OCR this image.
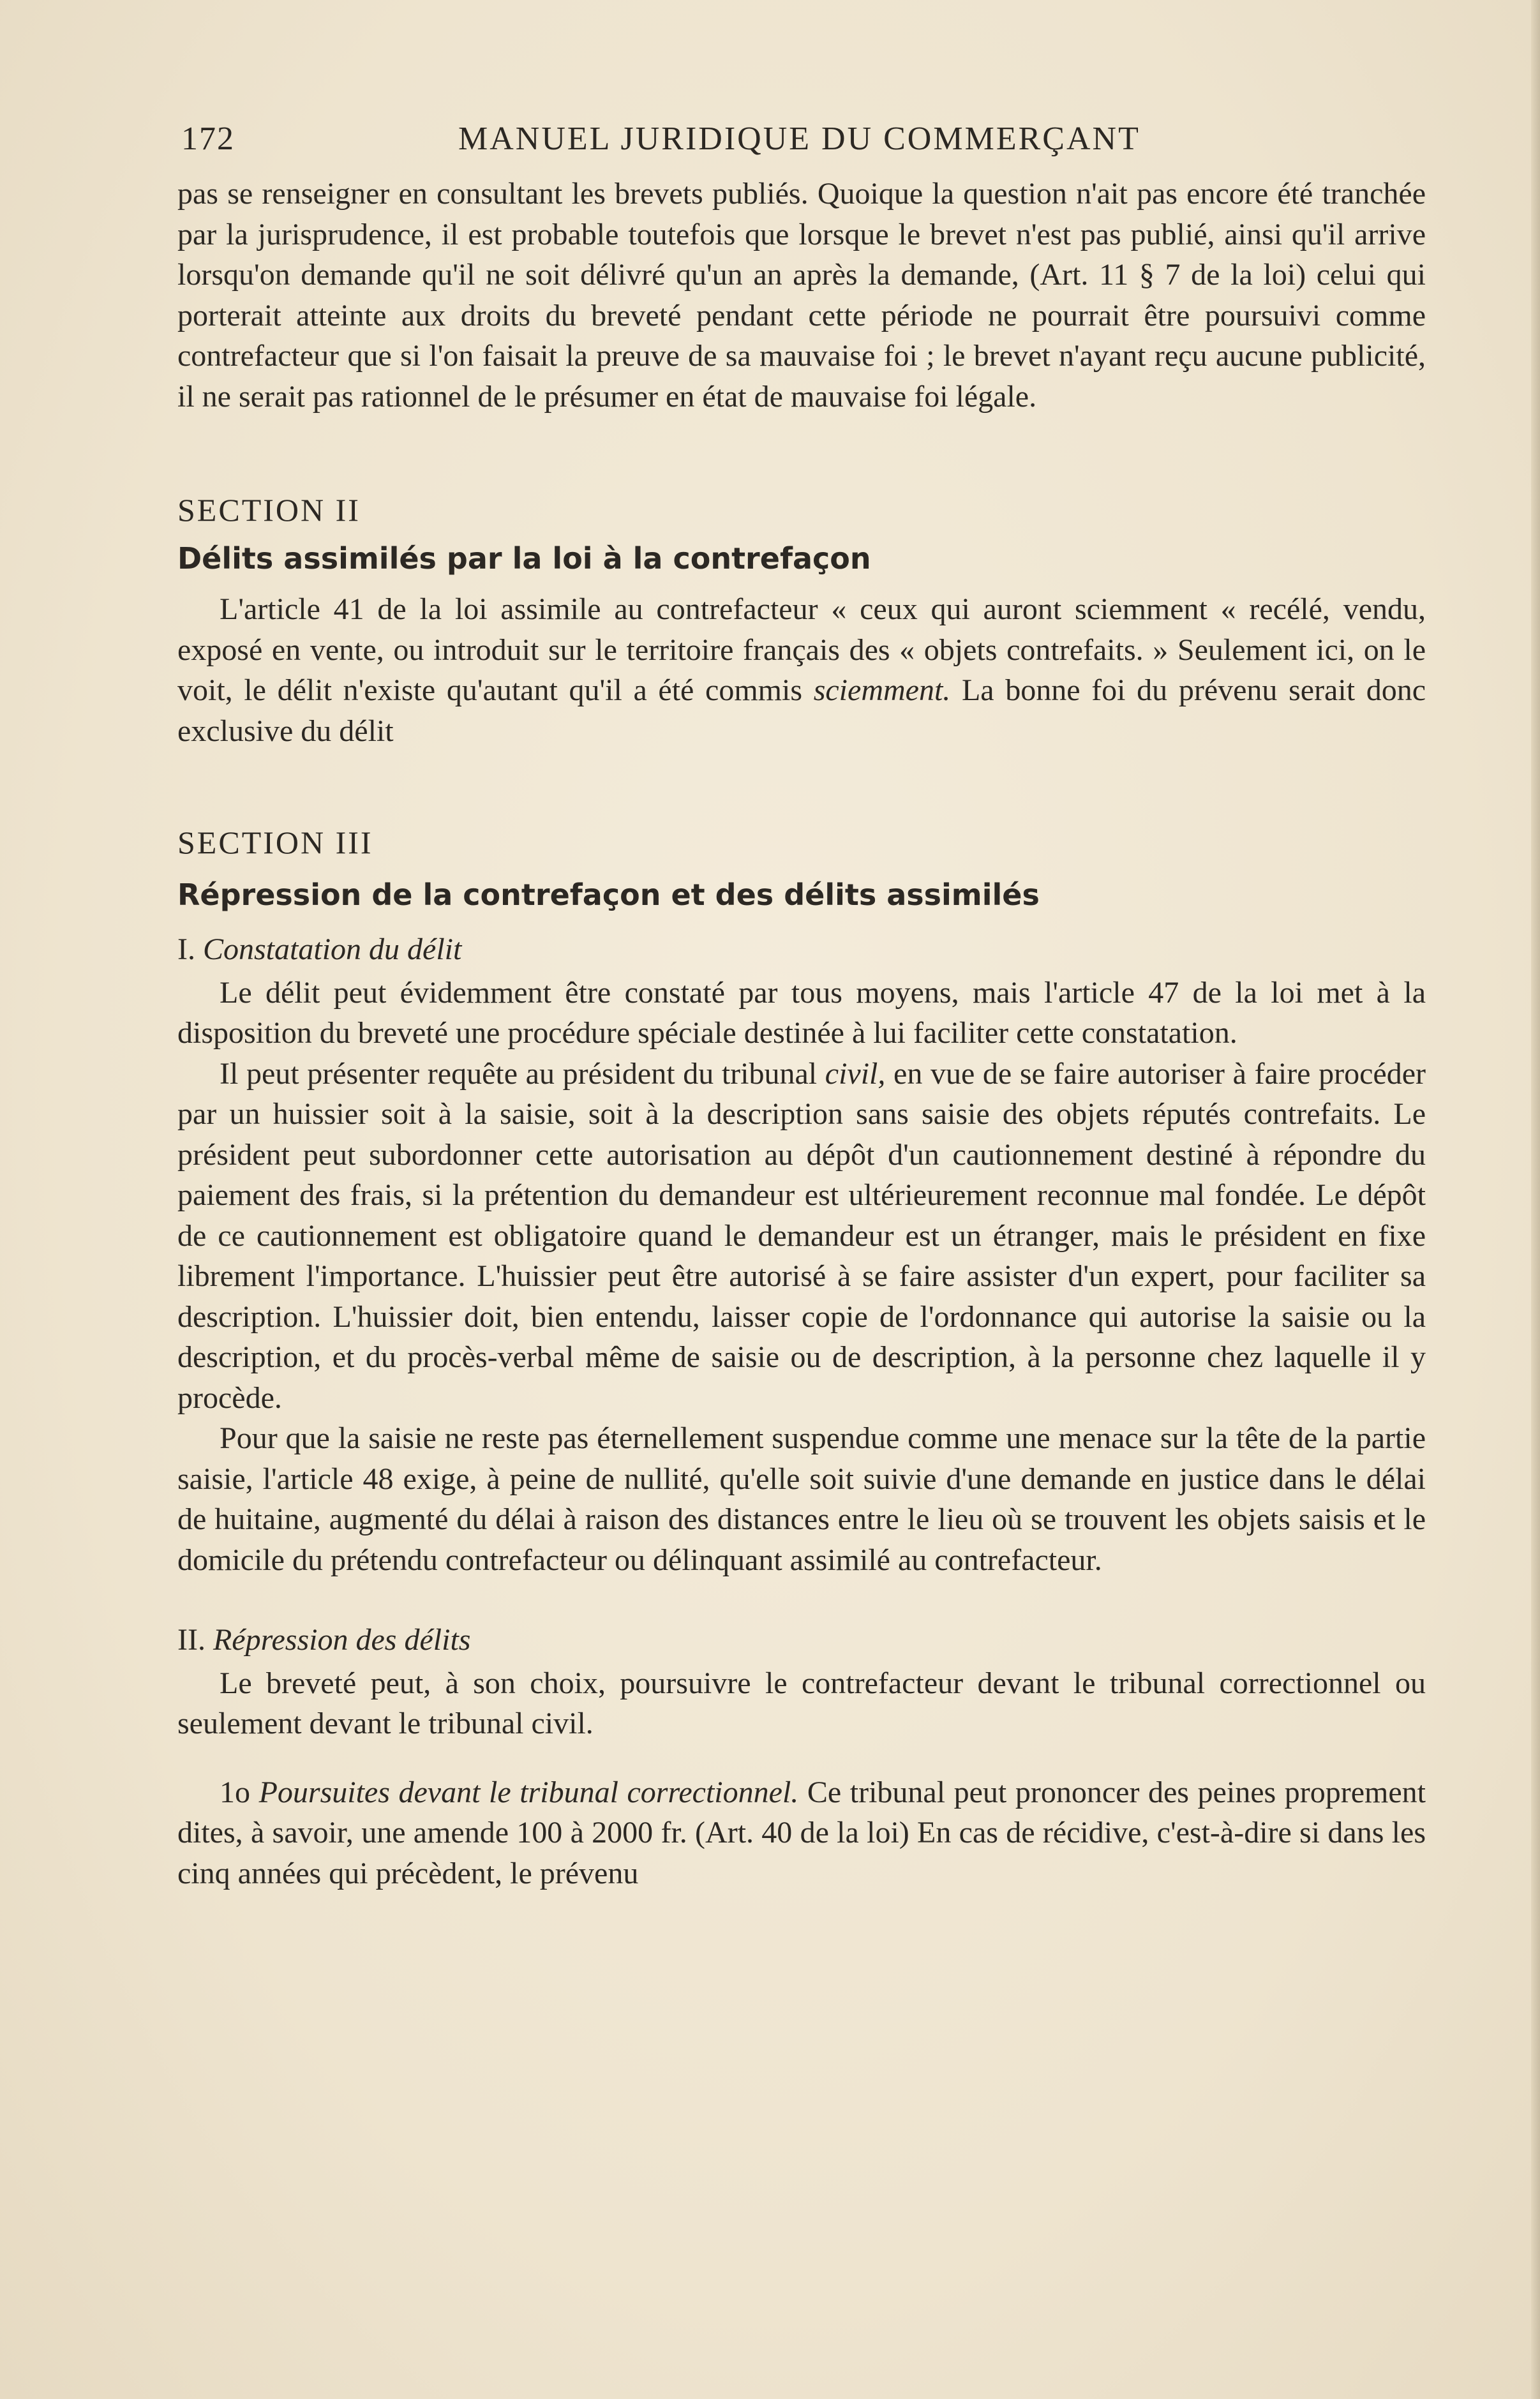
172	MANUEL JURIDIQUE DU COMMERÇANT

pas se renseigner en consultant les brevets publiés. Quoique la question n'ait pas encore été tranchée par la jurisprudence, il est probable toutefois que lorsque le brevet n'est pas publié, ainsi qu'il arrive lorsqu'on demande qu'il ne soit délivré qu'un an après la demande, (Art. 11 § 7 de la loi) celui qui porterait atteinte aux droits du breveté pendant cette période ne pourrait être poursuivi comme contrefacteur que si l'on faisait la preuve de sa mauvaise foi ; le brevet n'ayant reçu aucune publicité, il ne serait pas rationnel de le présumer en état de mauvaise foi légale.

SECTION II

Délits assimilés par la loi à la contrefaçon

L'article 41 de la loi assimile au contrefacteur « ceux qui auront sciemment « recélé, vendu, exposé en vente, ou introduit sur le territoire français des « objets contrefaits. » Seulement ici, on le voit, le délit n'existe qu'autant qu'il a été commis sciemment. La bonne foi du prévenu serait donc exclusive du délit

SECTION III

Répression de la contrefaçon et des délits assimilés

I. Constatation du délit

Le délit peut évidemment être constaté par tous moyens, mais l'article 47 de la loi met à la disposition du breveté une procédure spéciale destinée à lui faciliter cette constatation.

Il peut présenter requête au président du tribunal civil, en vue de se faire autoriser à faire procéder par un huissier soit à la saisie, soit à la description sans saisie des objets réputés contrefaits. Le président peut subordonner cette autorisation au dépôt d'un cautionnement destiné à répondre du paiement des frais, si la prétention du demandeur est ultérieurement reconnue mal fondée. Le dépôt de ce cautionnement est obligatoire quand le demandeur est un étranger, mais le président en fixe librement l'importance. L'huissier peut être autorisé à se faire assister d'un expert, pour faciliter sa description. L'huissier doit, bien entendu, laisser copie de l'ordonnance qui autorise la saisie ou la description, et du procès-verbal même de saisie ou de description, à la personne chez laquelle il y procède.

Pour que la saisie ne reste pas éternellement suspendue comme une menace sur la tête de la partie saisie, l'article 48 exige, à peine de nullité, qu'elle soit suivie d'une demande en justice dans le délai de huitaine, augmenté du délai à raison des distances entre le lieu où se trouvent les objets saisis et le domicile du prétendu contrefacteur ou délinquant assimilé au contrefacteur.

II. Répression des délits

Le breveté peut, à son choix, poursuivre le contrefacteur devant le tribunal correctionnel ou seulement devant le tribunal civil.

1o Poursuites devant le tribunal correctionnel. Ce tribunal peut prononcer des peines proprement dites, à savoir, une amende 100 à 2000 fr. (Art. 40 de la loi) En cas de récidive, c'est-à-dire si dans les cinq années qui précèdent, le prévenu
